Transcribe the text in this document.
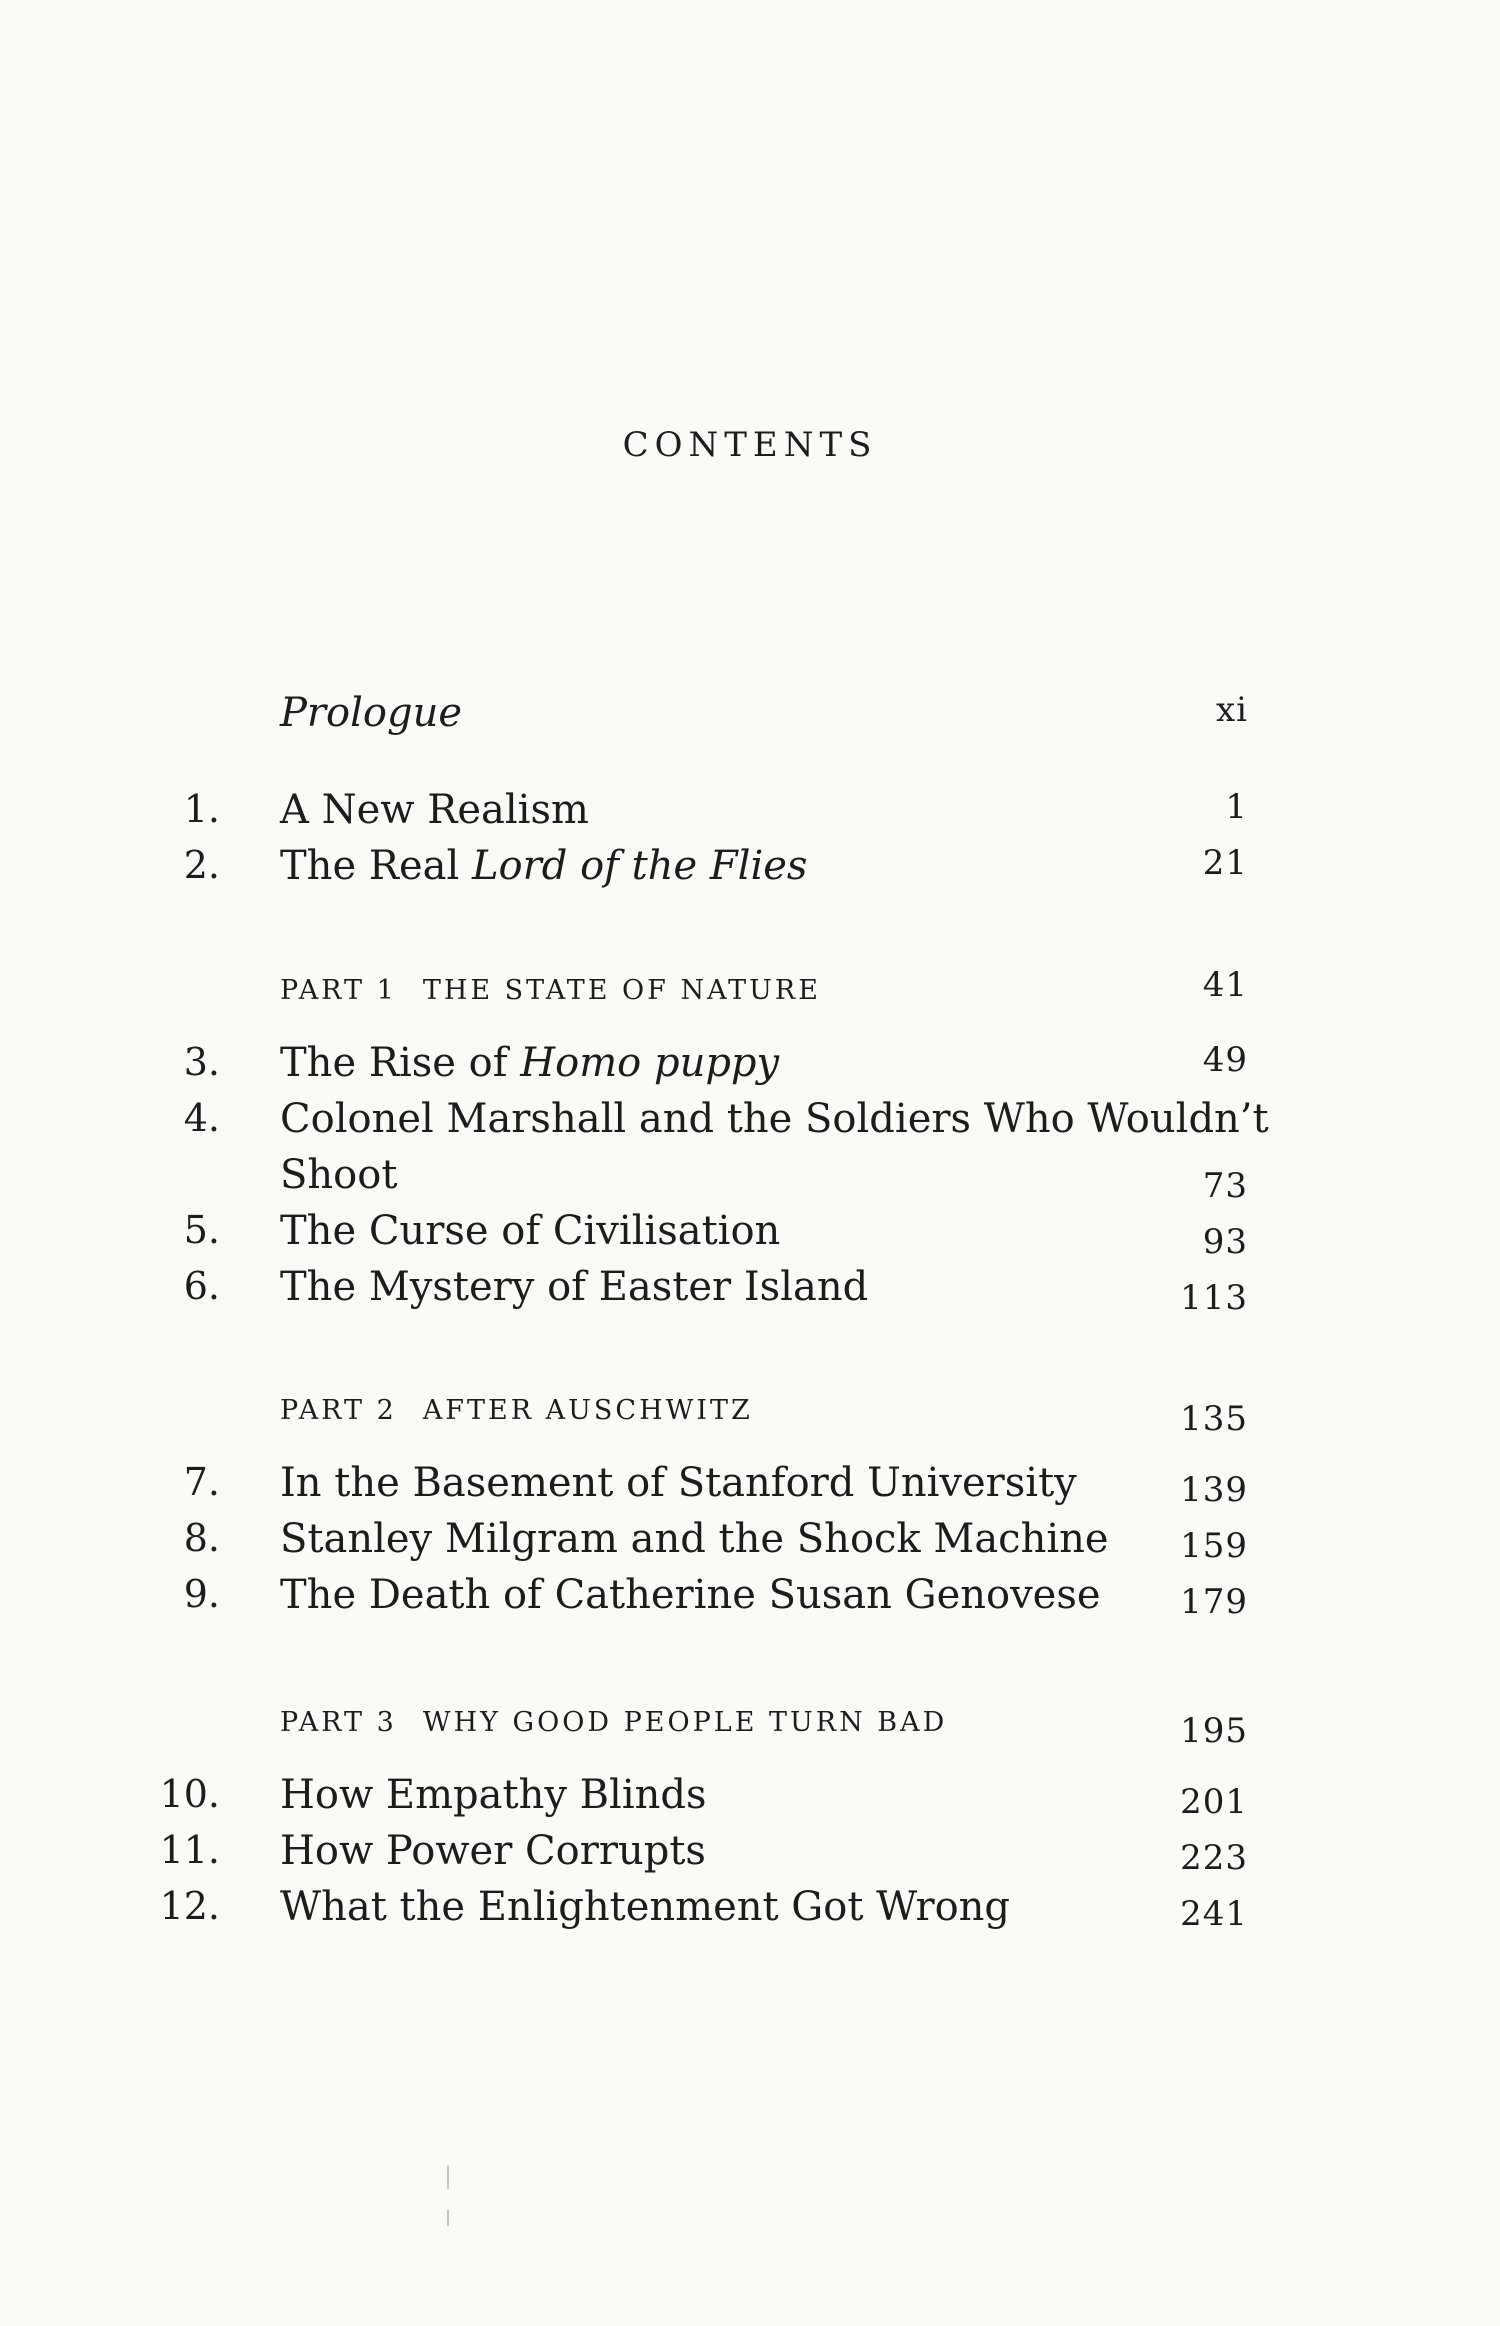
CONTENTS
Prologue	xi
1. A New Realism	1
2. The Real Lord of the Flies	21
PART 1 THE STATE OF NATURE	41
3. The Rise of Homo puppy	49
4. Colonel Marshall and the Soldiers Who Wouldn’t
Shoot	73
5. The Curse of Civilisation	93
6. The Mystery of Easter Island	113
PART 2 AFTER AUSCHWITZ	135
7. In the Basement of Stanford University	139
8. Stanley Milgram and the Shock Machine 159
9. The Death of Catherine Susan Genovese 179
PART 3 WHY GOOD PEOPLE TURN BAD	195
10. How Empathy Blinds	201
11. How Power Corrupts	223
12. What the Enlightenment Got Wrong	241
